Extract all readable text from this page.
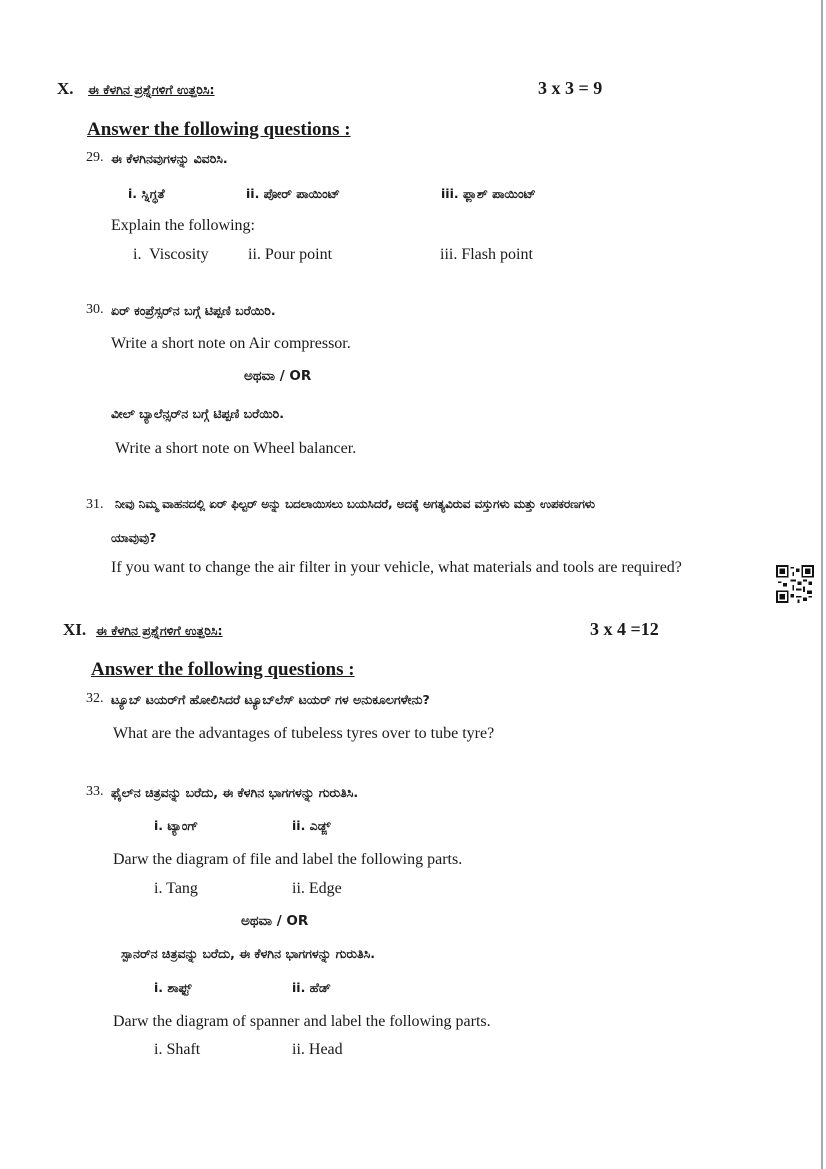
X. ಈ ಕೆಳಗಿನ ಪ್ರಶ್ನೆಗಳಿಗೆ ಉತ್ತರಿಸಿ:	3 x 3 = 9
Answer the following questions :
29. ಈ ಕೆಳಗಿನವುಗಳನ್ನು ವಿವರಿಸಿ.
i. ಸ್ನಿಗ್ಧತೆ	ii. ಪೋರ್ ಪಾಯಿಂಟ್	iii. ಫ್ಲಾಶ್ ಪಾಯಿಂಟ್
Explain the following:
i.  Viscosity ii. Pour point	iii. Flash point
30. ಏರ್ ಕಂಪ್ರೆಸ್ಸರ್‌ನ ಬಗ್ಗೆ ಟಿಪ್ಪಣಿ ಬರೆಯಿರಿ.
Write a short note on Air compressor.
ಅಥವಾ / OR
ವೀಲ್ ಬ್ಯಾಲೆನ್ಸರ್‌ನ ಬಗ್ಗೆ ಟಿಪ್ಪಣಿ ಬರೆಯಿರಿ.
Write a short note on Wheel balancer.
31. ನೀವು ನಿಮ್ಮ ವಾಹನದಲ್ಲಿ ಏರ್ ಫಿಲ್ಟರ್ ಅನ್ನು ಬದಲಾಯಿಸಲು ಬಯಸಿದರೆ, ಅದಕ್ಕೆ ಅಗತ್ಯವಿರುವ ವಸ್ತುಗಳು ಮತ್ತು ಉಪಕರಣಗಳು
ಯಾವುವು?
If you want to change the air filter in your vehicle, what materials and tools are required?
XI. ಈ ಕೆಳಗಿನ ಪ್ರಶ್ನೆಗಳಿಗೆ ಉತ್ತರಿಸಿ:	3 x 4 =12
Answer the following questions :
32. ಟ್ಯೂಬ್ ಟಯರ್‌ಗೆ ಹೋಲಿಸಿದರೆ ಟ್ಯೂಬ್‌ಲೆಸ್ ಟಯರ್ ಗಳ ಅನುಕೂಲಗಳೇನು?
What are the advantages of tubeless tyres over to tube tyre?
33. ಫೈಲ್‌ನ ಚಿತ್ರವನ್ನು ಬರೆದು, ಈ ಕೆಳಗಿನ ಭಾಗಗಳನ್ನು ಗುರುತಿಸಿ.
i. ಟ್ಯಾಂಗ್	ii. ಎಡ್ಜ್
Darw the diagram of file and label the following parts.
i. Tang	ii. Edge
ಅಥವಾ / OR
ಸ್ಪಾನರ್‌ನ ಚಿತ್ರವನ್ನು ಬರೆದು, ಈ ಕೆಳಗಿನ ಭಾಗಗಳನ್ನು ಗುರುತಿಸಿ.
i. ಶಾಫ್ಟ್	ii. ಹೆಡ್
Darw the diagram of spanner and label the following parts.
i. Shaft	ii. Head
